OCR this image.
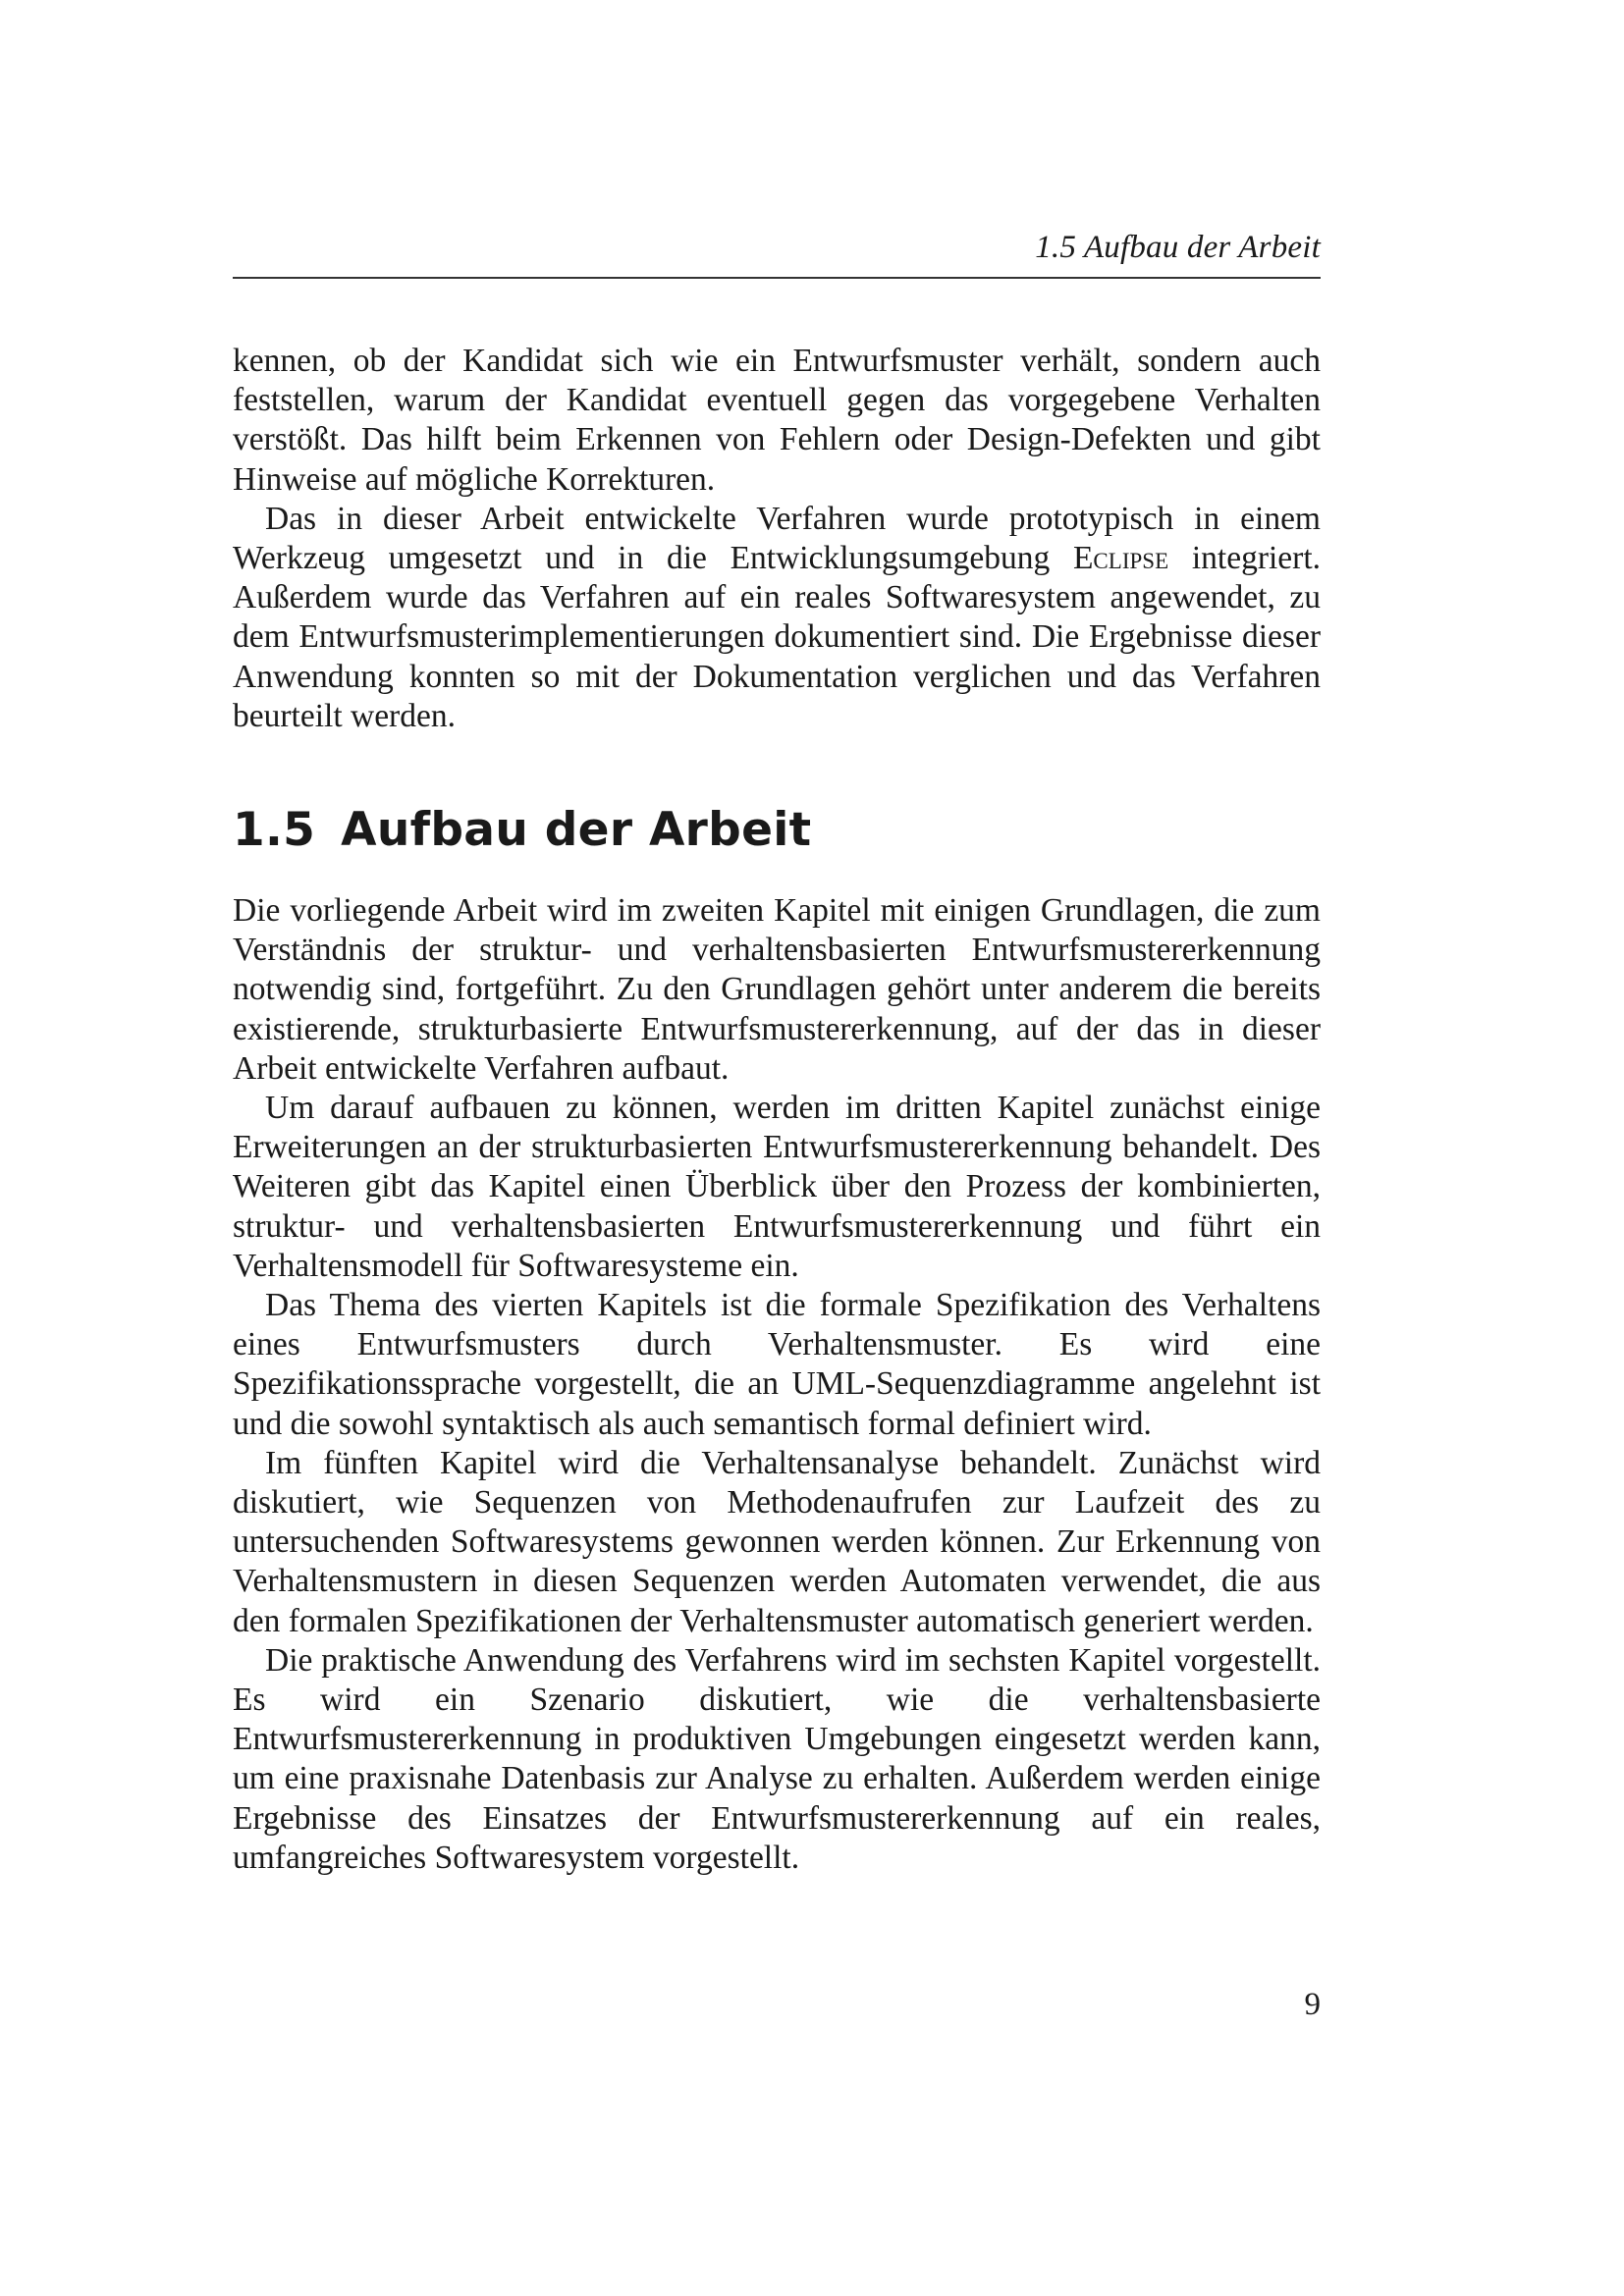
1.5 Aufbau der Arbeit

kennen, ob der Kandidat sich wie ein Entwurfsmuster verhält, sondern auch feststellen, warum der Kandidat eventuell gegen das vorgegebene Verhalten verstößt. Das hilft beim Erkennen von Fehlern oder Design-Defekten und gibt Hinweise auf mögliche Korrekturen.

Das in dieser Arbeit entwickelte Verfahren wurde prototypisch in einem Werkzeug umgesetzt und in die Entwicklungsumgebung Eclipse integriert. Außerdem wurde das Verfahren auf ein reales Softwaresystem angewendet, zu dem Entwurfsmusterimplementierungen dokumentiert sind. Die Ergebnisse dieser Anwendung konnten so mit der Dokumentation verglichen und das Verfahren beurteilt werden.

1.5 Aufbau der Arbeit

Die vorliegende Arbeit wird im zweiten Kapitel mit einigen Grundlagen, die zum Verständnis der struktur- und verhaltensbasierten Entwurfsmustererkennung notwendig sind, fortgeführt. Zu den Grundlagen gehört unter anderem die bereits existierende, strukturbasierte Entwurfsmustererkennung, auf der das in dieser Arbeit entwickelte Verfahren aufbaut.

Um darauf aufbauen zu können, werden im dritten Kapitel zunächst einige Erweiterungen an der strukturbasierten Entwurfsmustererkennung behandelt. Des Weiteren gibt das Kapitel einen Überblick über den Prozess der kombinierten, struktur- und verhaltensbasierten Entwurfsmustererkennung und führt ein Verhaltensmodell für Softwaresysteme ein.

Das Thema des vierten Kapitels ist die formale Spezifikation des Verhaltens eines Entwurfsmusters durch Verhaltensmuster. Es wird eine Spezifikationssprache vorgestellt, die an UML-Sequenzdiagramme angelehnt ist und die sowohl syntaktisch als auch semantisch formal definiert wird.

Im fünften Kapitel wird die Verhaltensanalyse behandelt. Zunächst wird diskutiert, wie Sequenzen von Methodenaufrufen zur Laufzeit des zu untersuchenden Softwaresystems gewonnen werden können. Zur Erkennung von Verhaltensmustern in diesen Sequenzen werden Automaten verwendet, die aus den formalen Spezifikationen der Verhaltensmuster automatisch generiert werden.

Die praktische Anwendung des Verfahrens wird im sechsten Kapitel vorgestellt. Es wird ein Szenario diskutiert, wie die verhaltensbasierte Entwurfsmustererkennung in produktiven Umgebungen eingesetzt werden kann, um eine praxisnahe Datenbasis zur Analyse zu erhalten. Außerdem werden einige Ergebnisse des Einsatzes der Entwurfsmustererkennung auf ein reales, umfangreiches Softwaresystem vorgestellt.

9
